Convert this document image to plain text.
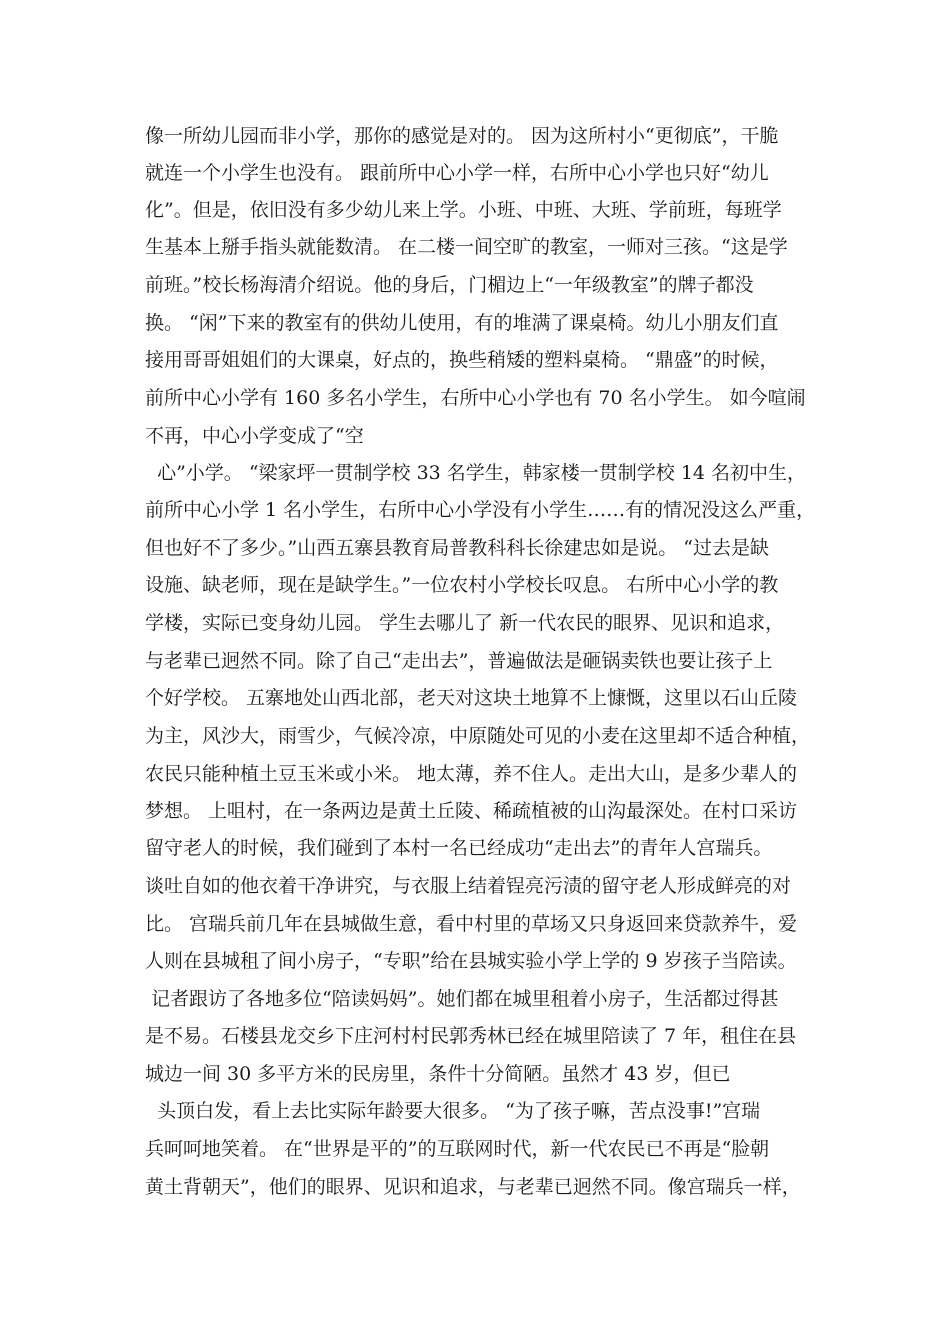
像一所幼儿园而非小学，那你的感觉是对的。 因为这所村小“更彻底”，干脆
就连一个小学生也没有。 跟前所中心小学一样，右所中心小学也只好“幼儿
化”。但是，依旧没有多少幼儿来上学。小班、中班、大班、学前班，每班学
生基本上掰手指头就能数清。 在二楼一间空旷的教室，一师对三孩。“这是学
前班。”校长杨海清介绍说。他的身后，门楣边上“一年级教室”的牌子都没
换。 “闲”下来的教室有的供幼儿使用，有的堆满了课桌椅。幼儿小朋友们直
接用哥哥姐姐们的大课桌，好点的，换些稍矮的塑料桌椅。 “鼎盛”的时候，
前所中心小学有 160 多名小学生，右所中心小学也有 70 名小学生。 如今喧闹
不再，中心小学变成了“空
心”小学。 “梁家坪一贯制学校 33 名学生，韩家楼一贯制学校 14 名初中生，
前所中心小学 1 名小学生，右所中心小学没有小学生……有的情况没这么严重，
但也好不了多少。”山西五寨县教育局普教科科长徐建忠如是说。 “过去是缺
设施、缺老师，现在是缺学生。”一位农村小学校长叹息。 右所中心小学的教
学楼，实际已变身幼儿园。 学生去哪儿了 新一代农民的眼界、见识和追求，
与老辈已迥然不同。除了自己“走出去”，普遍做法是砸锅卖铁也要让孩子上
个好学校。 五寨地处山西北部，老天对这块土地算不上慷慨，这里以石山丘陵
为主，风沙大，雨雪少，气候冷凉，中原随处可见的小麦在这里却不适合种植，
农民只能种植土豆玉米或小米。 地太薄，养不住人。走出大山，是多少辈人的
梦想。 上咀村，在一条两边是黄土丘陵、稀疏植被的山沟最深处。在村口采访
留守老人的时候，我们碰到了本村一名已经成功“走出去”的青年人宫瑞兵。
谈吐自如的他衣着干净讲究，与衣服上结着锃亮污渍的留守老人形成鲜亮的对
比。 宫瑞兵前几年在县城做生意，看中村里的草场又只身返回来贷款养牛，爱
人则在县城租了间小房子，“专职”给在县城实验小学上学的 9 岁孩子当陪读。
记者跟访了各地多位“陪读妈妈”。她们都在城里租着小房子，生活都过得甚
是不易。石楼县龙交乡下庄河村村民郭秀林已经在城里陪读了 7 年，租住在县
城边一间 30 多平方米的民房里，条件十分简陋。虽然才 43 岁，但已
头顶白发，看上去比实际年龄要大很多。 “为了孩子嘛，苦点没事!”宫瑞
兵呵呵地笑着。 在“世界是平的”的互联网时代，新一代农民已不再是“脸朝
黄土背朝天”，他们的眼界、见识和追求，与老辈已迥然不同。像宫瑞兵一样，
